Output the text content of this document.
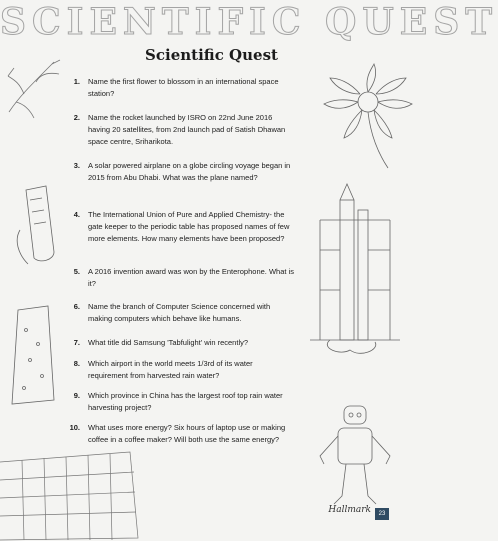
SCIENTIFIC QUEST
Scientific Quest
1. Name the first flower to blossom in an international space station?
2. Name the rocket launched by ISRO on 22nd June 2016 having 20 satellites, from 2nd launch pad of Satish Dhawan space centre, Sriharikota.
3. A solar powered airplane on a globe circling voyage began in 2015 from Abu Dhabi. What was the plane named?
4. The International Union of Pure and Applied Chemistry- the gate keeper to the periodic table has proposed names of few more elements. How many elements have been proposed?
5. A 2016 invention award was won by the Enterophone. What is it?
6. Name the branch of Computer Science concerned with making computers which behave like humans.
7. What title did Samsung 'Tabfulight' win recently?
8. Which airport in the world meets 1/3rd of its water requirement from harvested rain water?
9. Which province in China has the largest roof top rain water harvesting project?
10. What uses more energy? Six hours of laptop use or making coffee in a coffee maker? Will both use the same energy?
Hallmark	23
